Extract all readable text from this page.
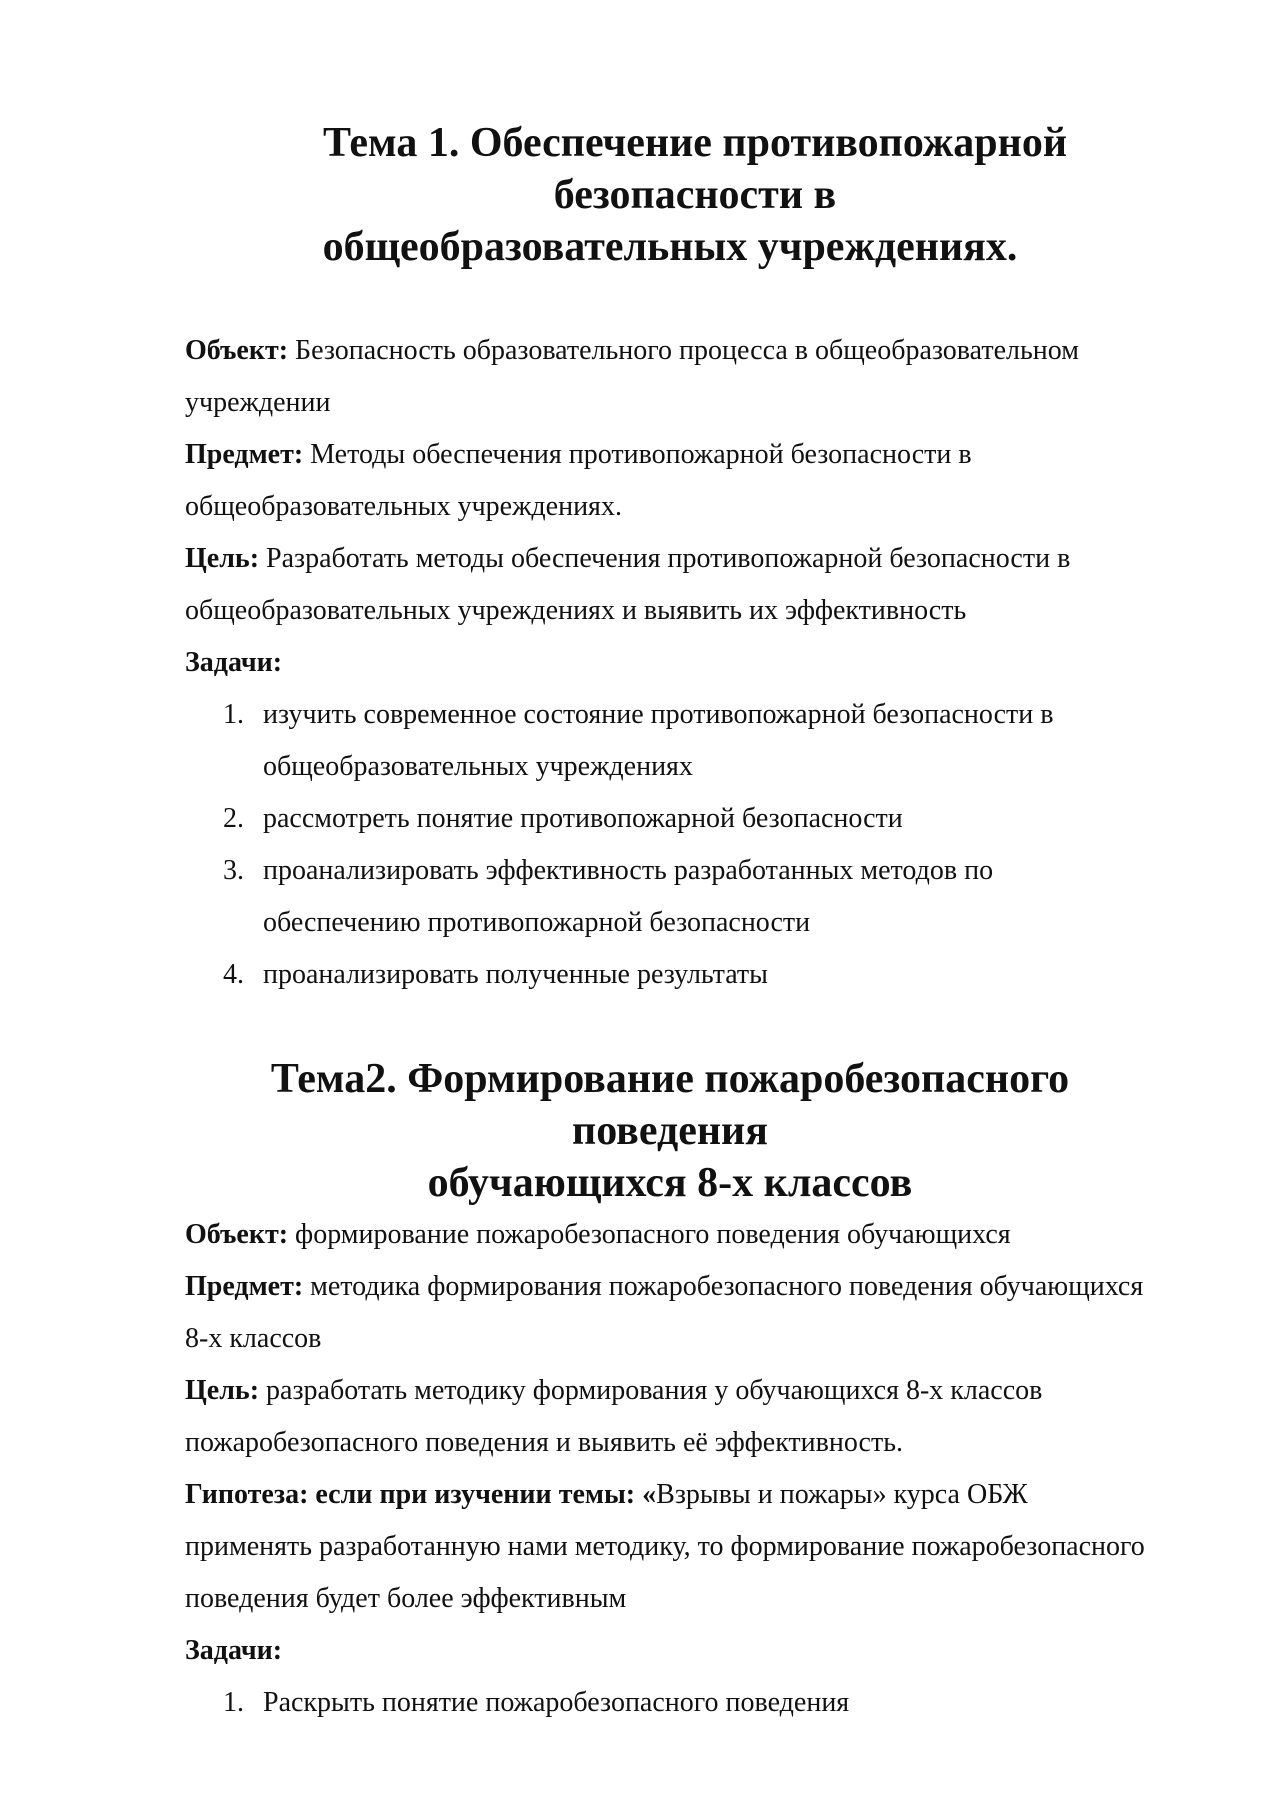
Тема 1. Обеспечение противопожарной безопасности в
общеобразовательных учреждениях.

Объект: Безопасность образовательного процесса в общеобразовательном учреждении

Предмет: Методы обеспечения противопожарной безопасности в общеобразовательных учреждениях.

Цель: Разработать методы обеспечения противопожарной безопасности в общеобразовательных учреждениях и выявить их эффективность

Задачи:

1. изучить современное состояние противопожарной безопасности в общеобразовательных учреждениях
2. рассмотреть понятие противопожарной безопасности
3. проанализировать эффективность разработанных методов по обеспечению противопожарной безопасности
4. проанализировать полученные результаты
Тема2. Формирование пожаробезопасного поведения
обучающихся 8-х классов

Объект: формирование пожаробезопасного поведения обучающихся

Предмет: методика формирования пожаробезопасного поведения обучающихся 8-х классов

Цель: разработать методику формирования у обучающихся 8-х классов пожаробезопасного поведения и выявить её эффективность.

Гипотеза: если при изучении темы: «Взрывы и пожары» курса ОБЖ применять разработанную нами методику, то формирование пожаробезопасного поведения будет более эффективным

Задачи:

1. Раскрыть понятие пожаробезопасного поведения
